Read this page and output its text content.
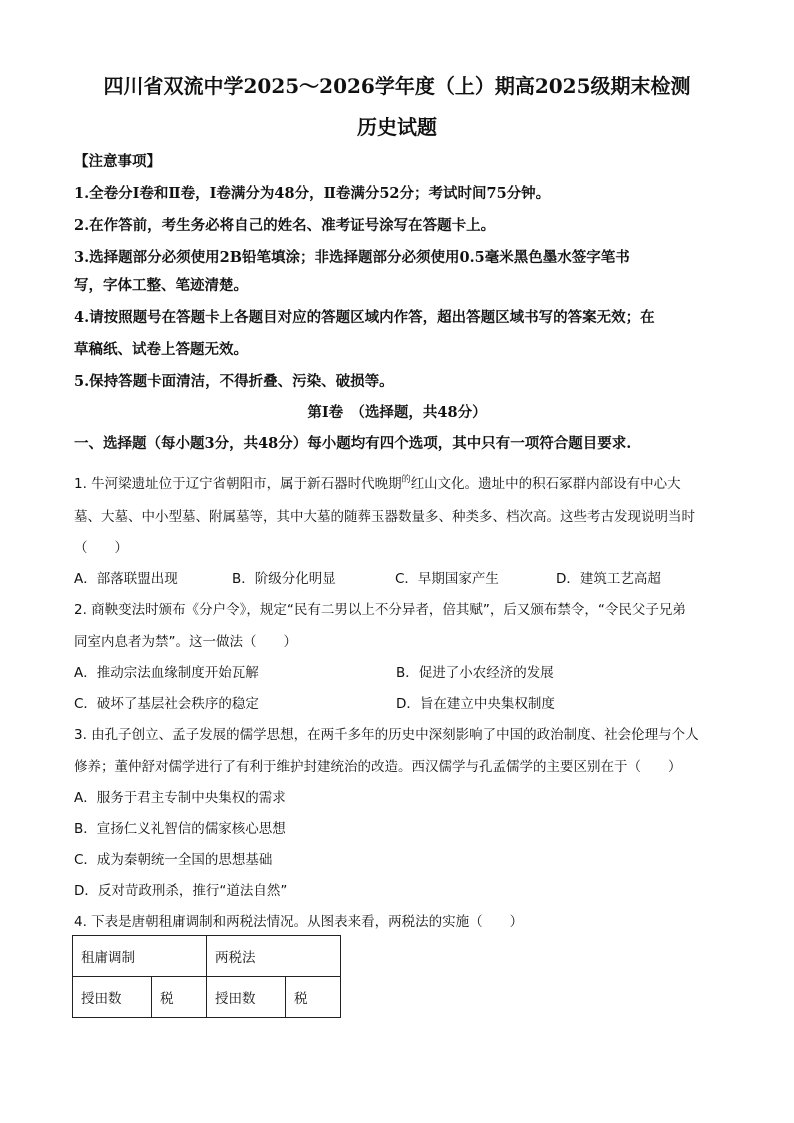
四川省双流中学2025～2026学年度（上）期高2025级期末检测
历史试题
【注意事项】
1.全卷分Ⅰ卷和Ⅱ卷，Ⅰ卷满分为48分，Ⅱ卷满分52分；考试时间75分钟。
2.在作答前，考生务必将自己的姓名、准考证号涂写在答题卡上。
3.选择题部分必须使用2B铅笔填涂；非选择题部分必须使用0.5毫米黑色墨水签字笔书
写，字体工整、笔迹清楚。
4.请按照题号在答题卡上各题目对应的答题区域内作答，超出答题区域书写的答案无效；在
草稿纸、试卷上答题无效。
5.保持答题卡面清洁，不得折叠、污染、破损等。
第Ⅰ卷　（选择题，共48分）
一、选择题（每小题3分，共48分）每小题均有四个选项，其中只有一项符合题目要求.
1. 牛河梁遗址位于辽宁省朝阳市，属于新石器时代晚期$^的$红山文化。遗址中的积石冢群内部设有中心大
墓、大墓、中小型墓、附属墓等，其中大墓的随葬玉器数量多、种类多、档次高。这些考古发现说明当时
（　　）
A．部落联盟出现	B．阶级分化明显	C．早期国家产生	D．建筑工艺高超
2. 商鞅变法时颁布《分户令》，规定“民有二男以上不分异者，倍其赋”，后又颁布禁令，“令民父子兄弟
同室内息者为禁”。这一做法（　　）
A．推动宗法血缘制度开始瓦解	B．促进了小农经济的发展
C．破坏了基层社会秩序的稳定	D．旨在建立中央集权制度
3. 由孔子创立、孟子发展的儒学思想，在两千多年的历史中深刻影响了中国的政治制度、社会伦理与个人
修养；董仲舒对儒学进行了有利于维护封建统治的改造。西汉儒学与孔孟儒学的主要区别在于（　　）
A．服务于君主专制中央集权的需求
B．宣扬仁义礼智信的儒家核心思想
C．成为秦朝统一全国的思想基础
D．反对苛政刑杀，推行“道法自然”
4. 下表是唐朝租庸调制和两税法情况。从图表来看，两税法的实施（　　）
租庸调制		两税法	
授田数	税	授田数	税
